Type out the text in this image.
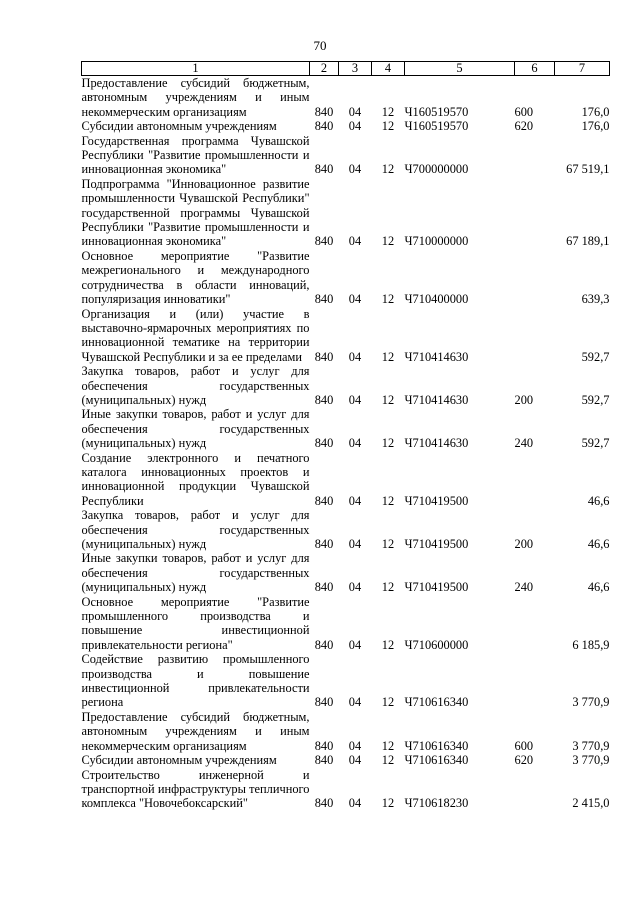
70
1	2	3	4	5	6	7
Предоставление субсидий бюджетным, автономным учреждениям и иным некоммерческим организациям	840	04	12	Ч160519570	600	176,0
Субсидии автономным учреждениям	840	04	12	Ч160519570	620	176,0
Государственная программа Чувашской Республики "Развитие промышленности и инновационная экономика"	840	04	12	Ч700000000		67 519,1
Подпрограмма "Инновационное развитие промышленности Чувашской Республики" государственной программы Чувашской Республики "Развитие промышленности и инновационная экономика"	840	04	12	Ч710000000		67 189,1
Основное мероприятие "Развитие межрегионального и международного сотрудничества в области инноваций, популяризация инноватики"	840	04	12	Ч710400000		639,3
Организация и (или) участие в выставочно-ярмарочных мероприятиях по инновационной тематике на территории Чувашской Республики и за ее пределами	840	04	12	Ч710414630		592,7
Закупка товаров, работ и услуг для обеспечения государственных (муниципальных) нужд	840	04	12	Ч710414630	200	592,7
Иные закупки товаров, работ и услуг для обеспечения государственных (муниципальных) нужд	840	04	12	Ч710414630	240	592,7
Создание электронного и печатного каталога инновационных проектов и инновационной продукции Чувашской Республики	840	04	12	Ч710419500		46,6
Закупка товаров, работ и услуг для обеспечения государственных (муниципальных) нужд	840	04	12	Ч710419500	200	46,6
Иные закупки товаров, работ и услуг для обеспечения государственных (муниципальных) нужд	840	04	12	Ч710419500	240	46,6
Основное мероприятие "Развитие промышленного производства и повышение инвестиционной привлекательности региона"	840	04	12	Ч710600000		6 185,9
Содействие развитию промышленного производства и повышение инвестиционной привлекательности региона	840	04	12	Ч710616340		3 770,9
Предоставление субсидий бюджетным, автономным учреждениям и иным некоммерческим организациям	840	04	12	Ч710616340	600	3 770,9
Субсидии автономным учреждениям	840	04	12	Ч710616340	620	3 770,9
Строительство инженерной и транспортной инфраструктуры тепличного комплекса "Новочебоксарский"	840	04	12	Ч710618230		2 415,0
